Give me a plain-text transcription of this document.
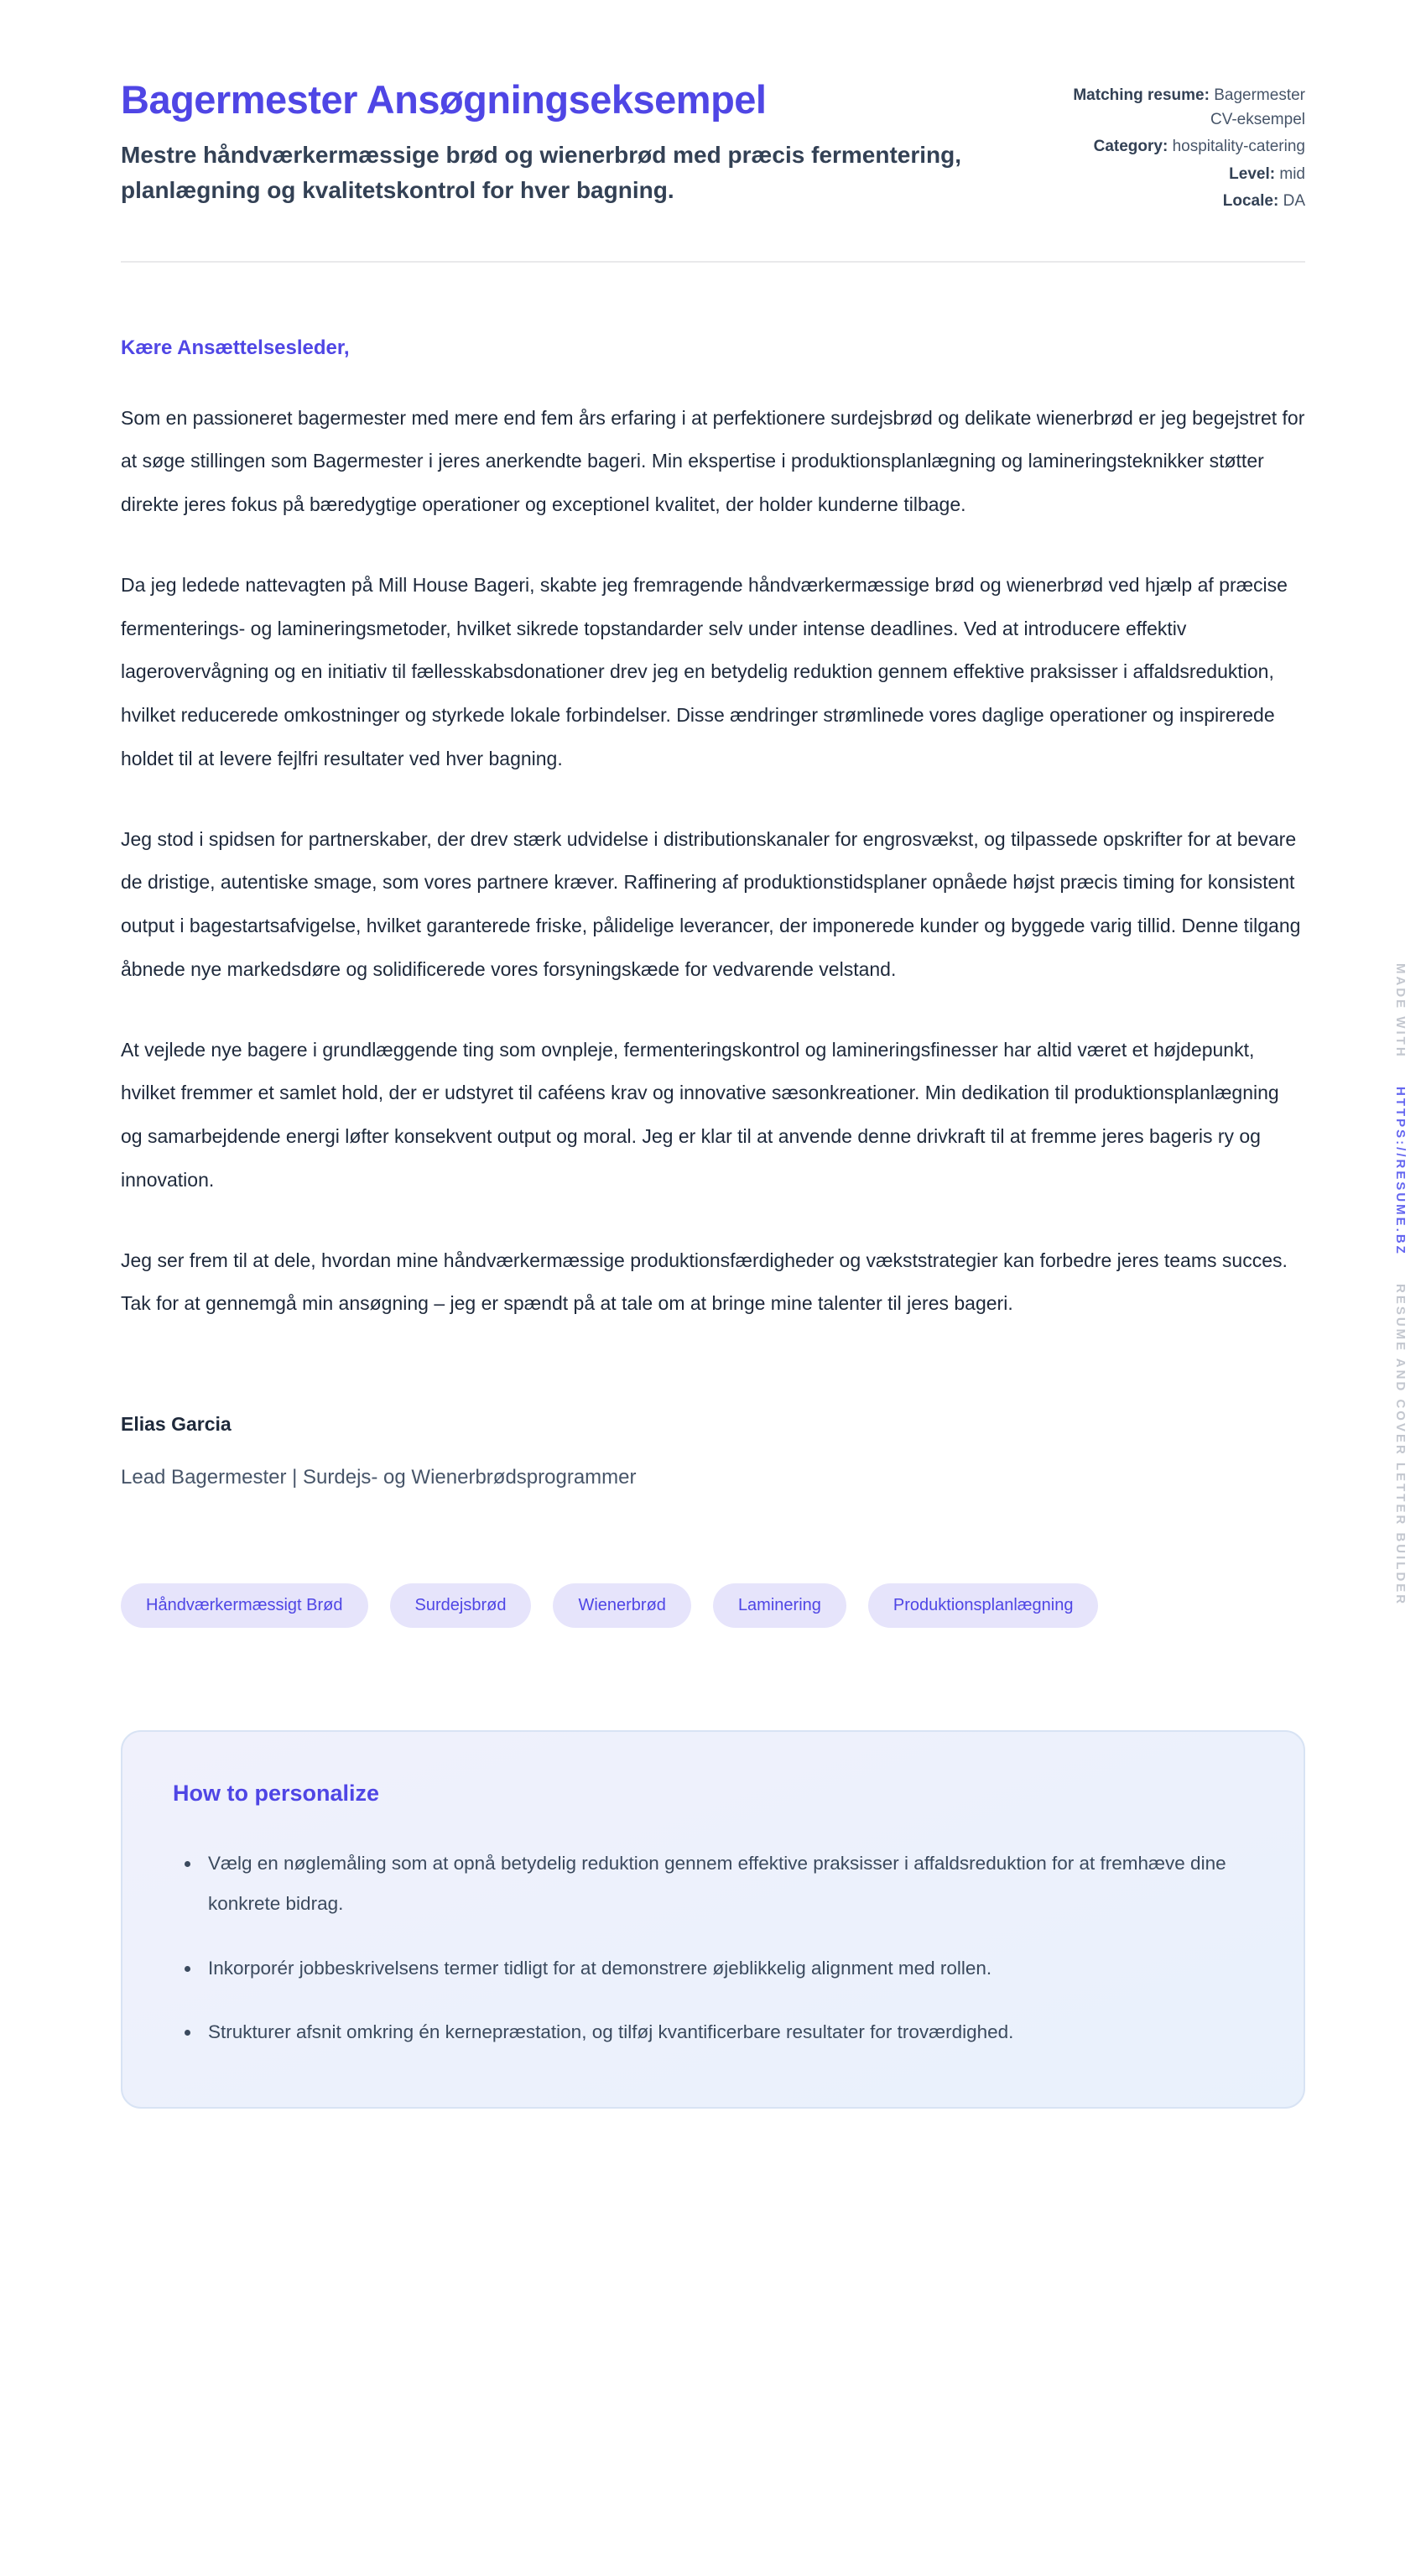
Bagermester Ansøgningseksempel
Mestre håndværkermæssige brød og wienerbrød med præcis fermentering, planlægning og kvalitetskontrol for hver bagning.
Matching resume: Bagermester CV-eksempel
Category: hospitality-catering
Level: mid
Locale: DA

Kære Ansættelsesleder,

Som en passioneret bagermester med mere end fem års erfaring i at perfektionere surdejsbrød og delikate wienerbrød er jeg begejstret for at søge stillingen som Bagermester i jeres anerkendte bageri. Min ekspertise i produktionsplanlægning og lamineringsteknikker støtter direkte jeres fokus på bæredygtige operationer og exceptionel kvalitet, der holder kunderne tilbage.

Da jeg ledede nattevagten på Mill House Bageri, skabte jeg fremragende håndværkermæssige brød og wienerbrød ved hjælp af præcise fermenterings- og lamineringsmetoder, hvilket sikrede topstandarder selv under intense deadlines. Ved at introducere effektiv lagerovervågning og en initiativ til fællesskabsdonationer drev jeg en betydelig reduktion gennem effektive praksisser i affaldsreduktion, hvilket reducerede omkostninger og styrkede lokale forbindelser. Disse ændringer strømlinede vores daglige operationer og inspirerede holdet til at levere fejlfri resultater ved hver bagning.

Jeg stod i spidsen for partnerskaber, der drev stærk udvidelse i distributionskanaler for engrosvækst, og tilpassede opskrifter for at bevare de dristige, autentiske smage, som vores partnere kræver. Raffinering af produktionstidsplaner opnåede højst præcis timing for konsistent output i bagestartsafvigelse, hvilket garanterede friske, pålidelige leverancer, der imponerede kunder og byggede varig tillid. Denne tilgang åbnede nye markedsdøre og solidificerede vores forsyningskæde for vedvarende velstand.

At vejlede nye bagere i grundlæggende ting som ovnpleje, fermenteringskontrol og lamineringsfinesser har altid været et højdepunkt, hvilket fremmer et samlet hold, der er udstyret til caféens krav og innovative sæsonkreationer. Min dedikation til produktionsplanlægning og samarbejdende energi løfter konsekvent output og moral. Jeg er klar til at anvende denne drivkraft til at fremme jeres bageris ry og innovation.

Jeg ser frem til at dele, hvordan mine håndværkermæssige produktionsfærdigheder og vækststrategier kan forbedre jeres teams succes. Tak for at gennemgå min ansøgning – jeg er spændt på at tale om at bringe mine talenter til jeres bageri.

Elias Garcia

Lead Bagermester | Surdejs- og Wienerbrødsprogrammer

Håndværkermæssigt Brød	Surdejsbrød	Wienerbrød	Laminering	Produktionsplanlægning
How to personalize
• Vælg en nøglemåling som at opnå betydelig reduktion gennem effektive praksisser i affaldsreduktion for at fremhæve dine konkrete bidrag.
• Inkorporér jobbeskrivelsens termer tidligt for at demonstrere øjeblikkelig alignment med rollen.
• Strukturer afsnit omkring én kernepræstation, og tilføj kvantificerbare resultater for troværdighed.
MADE WITH HTTPS://RESUME.BZ RESUME AND COVER LETTER BUILDER
